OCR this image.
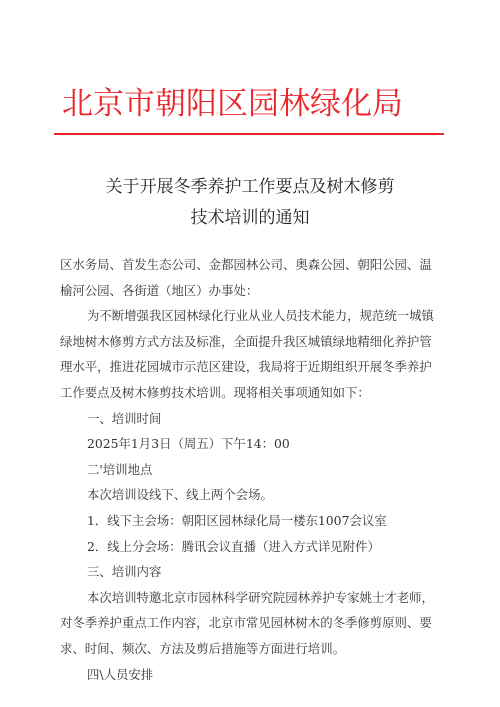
北京市朝阳区园林绿化局
关于开展冬季养护工作要点及树木修剪
技术培训的通知
区水务局、首发生态公司、金都园林公司、奥森公园、朝阳公园、温
榆河公园、各街道（地区）办事处：
为不断增强我区园林绿化行业从业人员技术能力，规范统一城镇
绿地树木修剪方式方法及标准，全面提升我区城镇绿地精细化养护管
理水平，推进花园城市示范区建设，我局将于近期组织开展冬季养护
工作要点及树木修剪技术培训。现将相关事项通知如下：
一、培训时间
2025年1月3日（周五）下午14：00
二'培训地点
本次培训设线下、线上两个会场。
1．线下主会场：朝阳区园林绿化局一楼东1007会议室
2．线上分会场：腾讯会议直播（进入方式详见附件）
三、培训内容
本次培训特邀北京市园林科学研究院园林养护专家姚士才老师，
对冬季养护重点工作内容，北京市常见园林树木的冬季修剪原则、要
求、时间、频次、方法及剪后措施等方面进行培训。
四\人员安排
